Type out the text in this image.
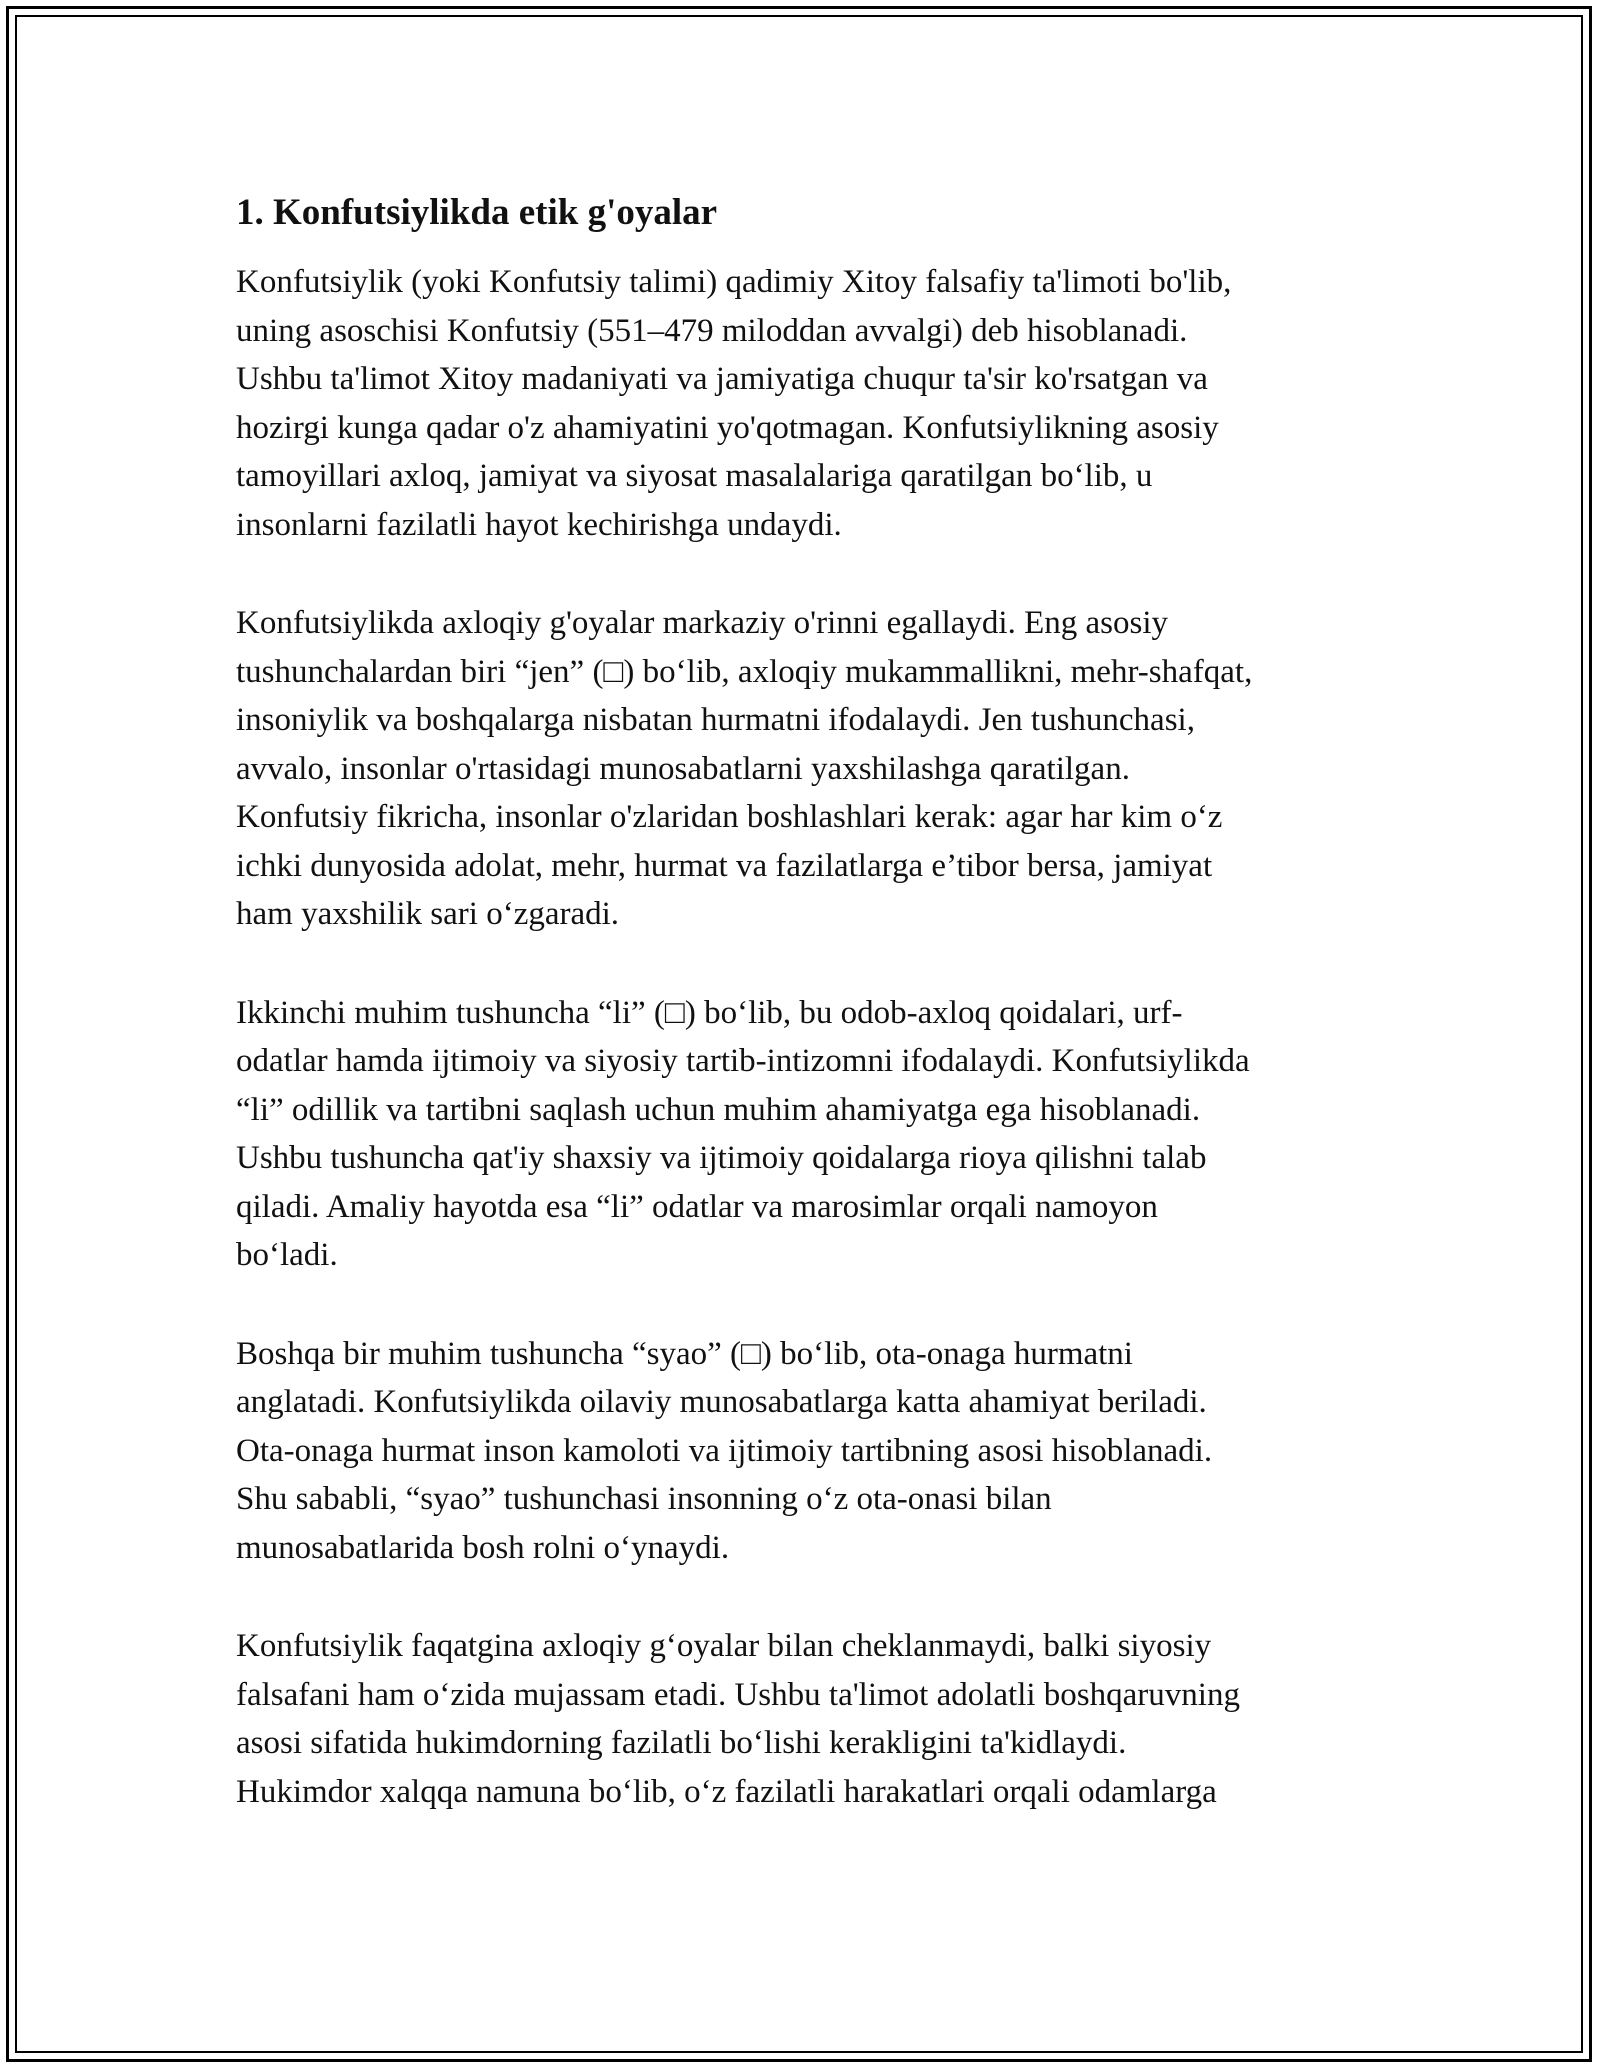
1. Konfutsiylikda etik g'oyalar
Konfutsiylik (yoki Konfutsiy talimi) qadimiy Xitoy falsafiy ta'limoti bo'lib,
uning asoschisi Konfutsiy (551–479 miloddan avvalgi) deb hisoblanadi.
Ushbu ta'limot Xitoy madaniyati va jamiyatiga chuqur ta'sir ko'rsatgan va
hozirgi kunga qadar o'z ahamiyatini yo'qotmagan. Konfutsiylikning asosiy
tamoyillari axloq, jamiyat va siyosat masalalariga qaratilgan boʻlib, u
insonlarni fazilatli hayot kechirishga undaydi.
Konfutsiylikda axloqiy g'oyalar markaziy o'rinni egallaydi. Eng asosiy
tushunchalardan biri “jen” (□) boʻlib, axloqiy mukammallikni, mehr-shafqat,
insoniylik va boshqalarga nisbatan hurmatni ifodalaydi. Jen tushunchasi,
avvalo, insonlar o'rtasidagi munosabatlarni yaxshilashga qaratilgan.
Konfutsiy fikricha, insonlar o'zlaridan boshlashlari kerak: agar har kim oʻz
ichki dunyosida adolat, mehr, hurmat va fazilatlarga e’tibor bersa, jamiyat
ham yaxshilik sari oʻzgaradi.
Ikkinchi muhim tushuncha “li” (□) boʻlib, bu odob-axloq qoidalari, urf-
odatlar hamda ijtimoiy va siyosiy tartib-intizomni ifodalaydi. Konfutsiylikda
“li” odillik va tartibni saqlash uchun muhim ahamiyatga ega hisoblanadi.
Ushbu tushuncha qat'iy shaxsiy va ijtimoiy qoidalarga rioya qilishni talab
qiladi. Amaliy hayotda esa “li” odatlar va marosimlar orqali namoyon
boʻladi.
Boshqa bir muhim tushuncha “syao” (□) boʻlib, ota-onaga hurmatni
anglatadi. Konfutsiylikda oilaviy munosabatlarga katta ahamiyat beriladi.
Ota-onaga hurmat inson kamoloti va ijtimoiy tartibning asosi hisoblanadi.
Shu sababli, “syao” tushunchasi insonning oʻz ota-onasi bilan
munosabatlarida bosh rolni oʻynaydi.
Konfutsiylik faqatgina axloqiy gʻoyalar bilan cheklanmaydi, balki siyosiy
falsafani ham oʻzida mujassam etadi. Ushbu ta'limot adolatli boshqaruvning
asosi sifatida hukimdorning fazilatli boʻlishi kerakligini ta'kidlaydi.
Hukimdor xalqqa namuna boʻlib, oʻz fazilatli harakatlari orqali odamlarga
